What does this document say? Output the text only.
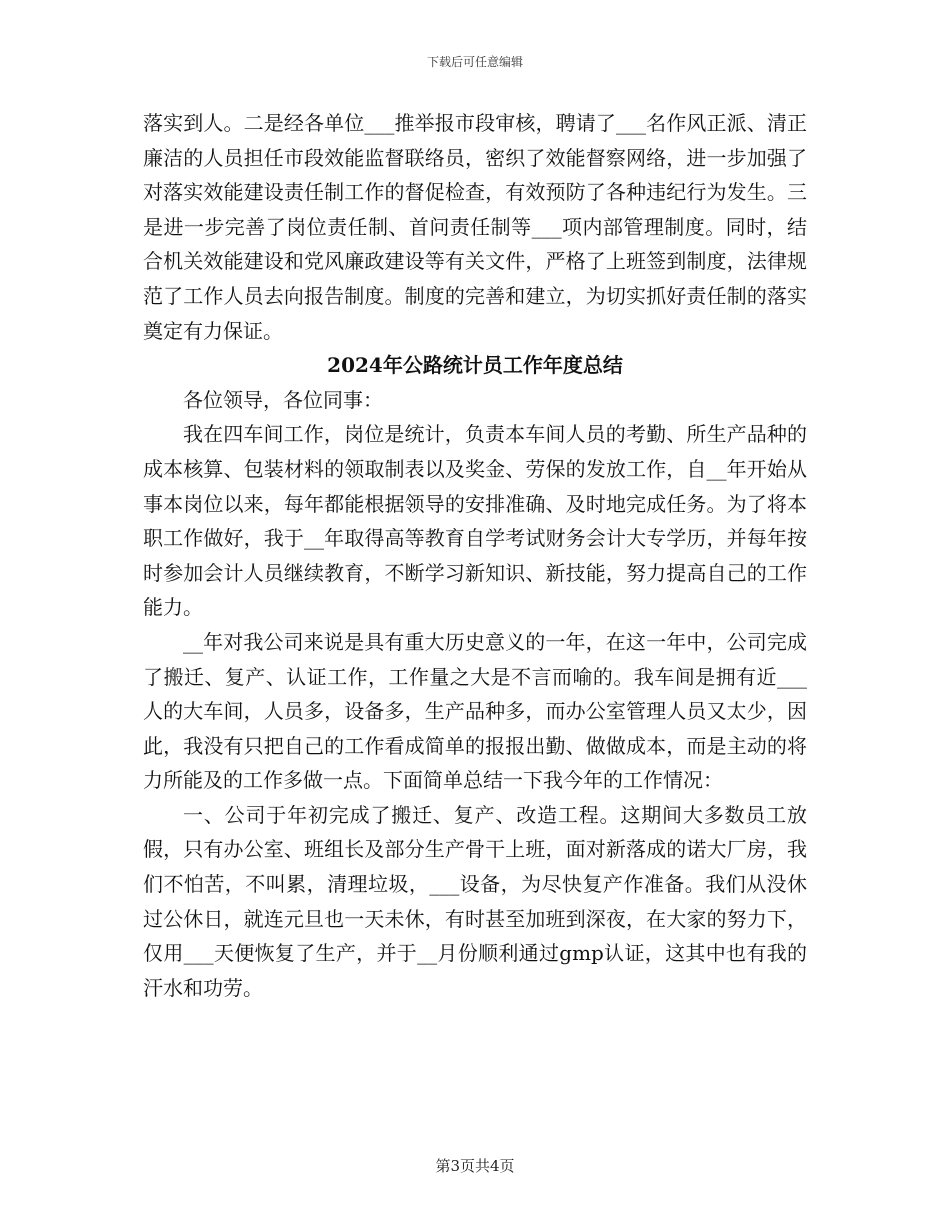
下载后可任意编辑

落实到人。二是经各单位___推举报市段审核，聘请了___名作风正派、清正廉洁的人员担任市段效能监督联络员，密织了效能督察网络，进一步加强了对落实效能建设责任制工作的督促检查，有效预防了各种违纪行为发生。三是进一步完善了岗位责任制、首问责任制等___项内部管理制度。同时，结合机关效能建设和党风廉政建设等有关文件，严格了上班签到制度，法律规范了工作人员去向报告制度。制度的完善和建立，为切实抓好责任制的落实奠定有力保证。

2024年公路统计员工作年度总结

各位领导，各位同事：

我在四车间工作，岗位是统计，负责本车间人员的考勤、所生产品种的成本核算、包装材料的领取制表以及奖金、劳保的发放工作，自__年开始从事本岗位以来，每年都能根据领导的安排准确、及时地完成任务。为了将本职工作做好，我于__年取得高等教育自学考试财务会计大专学历，并每年按时参加会计人员继续教育，不断学习新知识、新技能，努力提高自己的工作能力。

__年对我公司来说是具有重大历史意义的一年，在这一年中，公司完成了搬迁、复产、认证工作，工作量之大是不言而喻的。我车间是拥有近___人的大车间，人员多，设备多，生产品种多，而办公室管理人员又太少，因此，我没有只把自己的工作看成简单的报报出勤、做做成本，而是主动的将力所能及的工作多做一点。下面简单总结一下我今年的工作情况：

一、公司于年初完成了搬迁、复产、改造工程。这期间大多数员工放假，只有办公室、班组长及部分生产骨干上班，面对新落成的诺大厂房，我们不怕苦，不叫累，清理垃圾，___设备，为尽快复产作准备。我们从没休过公休日，就连元旦也一天未休，有时甚至加班到深夜，在大家的努力下，仅用___天便恢复了生产，并于__月份顺利通过gmp认证，这其中也有我的汗水和功劳。

第3页共4页
